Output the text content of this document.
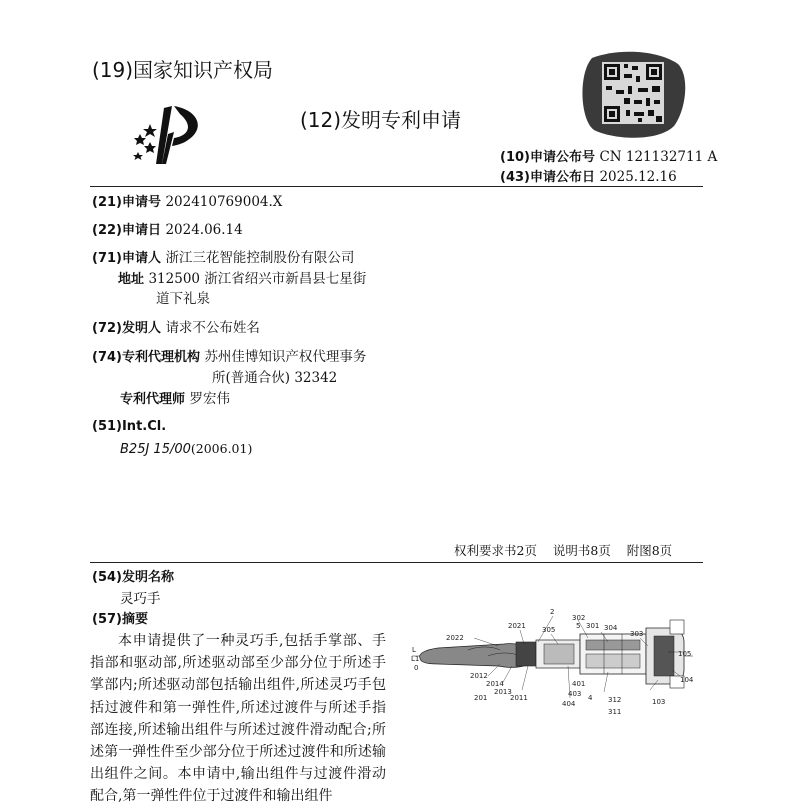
(19)国家知识产权局
(12)发明专利申请
(10)申请公布号 CN 121132711 A
(43)申请公布日 2025.12.16
(21)申请号 202410769004.X
(22)申请日 2024.06.14
(71)申请人 浙江三花智能控制股份有限公司
地址 312500 浙江省绍兴市新昌县七星街
道下礼泉
(72)发明人 请求不公布姓名
(74)专利代理机构 苏州佳博知识产权代理事务
所(普通合伙) 32342
专利代理师 罗宏伟
(51)Int.Cl.
B25J 15/00(2006.01)
权利要求书2页 说明书8页 附图8页
(54)发明名称
灵巧手
(57)摘要
本申请提供了一种灵巧手,包括手掌部、手指部和驱动部,所述驱动部至少部分位于所述手掌部内;所述驱动部包括输出组件,所述灵巧手包括过渡件和第一弹性件,所述过渡件与所述手指部连接,所述输出组件与所述过渡件滑动配合;所述第一弹性件至少部分位于所述过渡件和所述输出组件之间。本申请中,输出组件与过渡件滑动配合,第一弹性件位于过渡件和输出组件
2
2022
2021 305
302
5 301 304
303
105
L
L1
0
2012
2014
2013
2011
201
401
403
404
4 312
311
103
104
